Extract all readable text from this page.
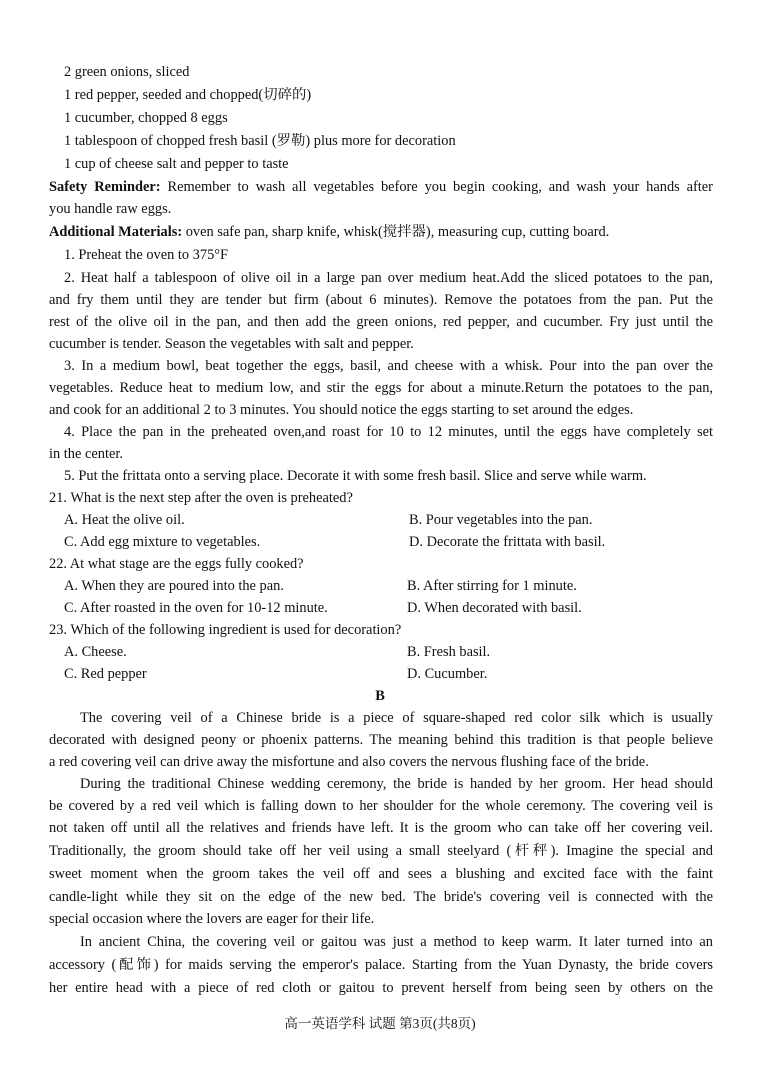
2 green onions, sliced
1 red pepper, seeded and chopped(切碎的)
1 cucumber, chopped 8 eggs
1 tablespoon of chopped fresh basil (罗勒) plus more for decoration
1 cup of cheese salt and pepper to taste
Safety Reminder: Remember to wash all vegetables before you begin cooking, and wash your hands after
you handle raw eggs.
Additional Materials: oven safe pan, sharp knife, whisk(搅拌器), measuring cup, cutting board.
1. Preheat the oven to 375°F
2. Heat half a tablespoon of olive oil in a large pan over medium heat.Add the sliced potatoes to the pan,
and fry them until they are tender but firm (about 6 minutes). Remove the potatoes from the pan. Put the
rest of the olive oil in the pan, and then add the green onions, red pepper, and cucumber. Fry just until the
cucumber is tender. Season the vegetables with salt and pepper.
3. In a medium bowl, beat together the eggs, basil, and cheese with a whisk. Pour into the pan over the
vegetables. Reduce heat to medium low, and stir the eggs for about a minute.Return the potatoes to the pan,
and cook for an additional 2 to 3 minutes. You should notice the eggs starting to set around the edges.
4. Place the pan in the preheated oven,and roast for 10 to 12 minutes, until the eggs have completely set
in the center.
5. Put the frittata onto a serving place. Decorate it with some fresh basil. Slice and serve while warm.
21. What is the next step after the oven is preheated?
A. Heat the olive oil.	B. Pour vegetables into the pan.
C. Add egg mixture to vegetables.	D. Decorate the frittata with basil.
22. At what stage are the eggs fully cooked?
A. When they are poured into the pan.	B. After stirring for 1 minute.
C. After roasted in the oven for 10-12 minute.	D. When decorated with basil.
23. Which of the following ingredient is used for decoration?
A. Cheese.	B. Fresh basil.
C. Red pepper	D. Cucumber.
B
The covering veil of a Chinese bride is a piece of square-shaped red color silk which is usually
decorated with designed peony or phoenix patterns. The meaning behind this tradition is that people believe
a red covering veil can drive away the misfortune and also covers the nervous flushing face of the bride.
During the traditional Chinese wedding ceremony, the bride is handed by her groom. Her head should
be covered by a red veil which is falling down to her shoulder for the whole ceremony. The covering veil is
not taken off until all the relatives and friends have left. It is the groom who can take off her covering veil.
Traditionally, the groom should take off her veil using a small steelyard (杆秤). Imagine the special and
sweet moment when the groom takes the veil off and sees a blushing and excited face with the faint
candle-light while they sit on the edge of the new bed. The bride's covering veil is connected with the
special occasion where the lovers are eager for their life.
In ancient China, the covering veil or gaitou was just a method to keep warm. It later turned into an
accessory (配饰) for maids serving the emperor's palace. Starting from the Yuan Dynasty, the bride covers
her entire head with a piece of red cloth or gaitou to prevent herself from being seen by others on the
高一英语学科 试题 第3页(共8页)
